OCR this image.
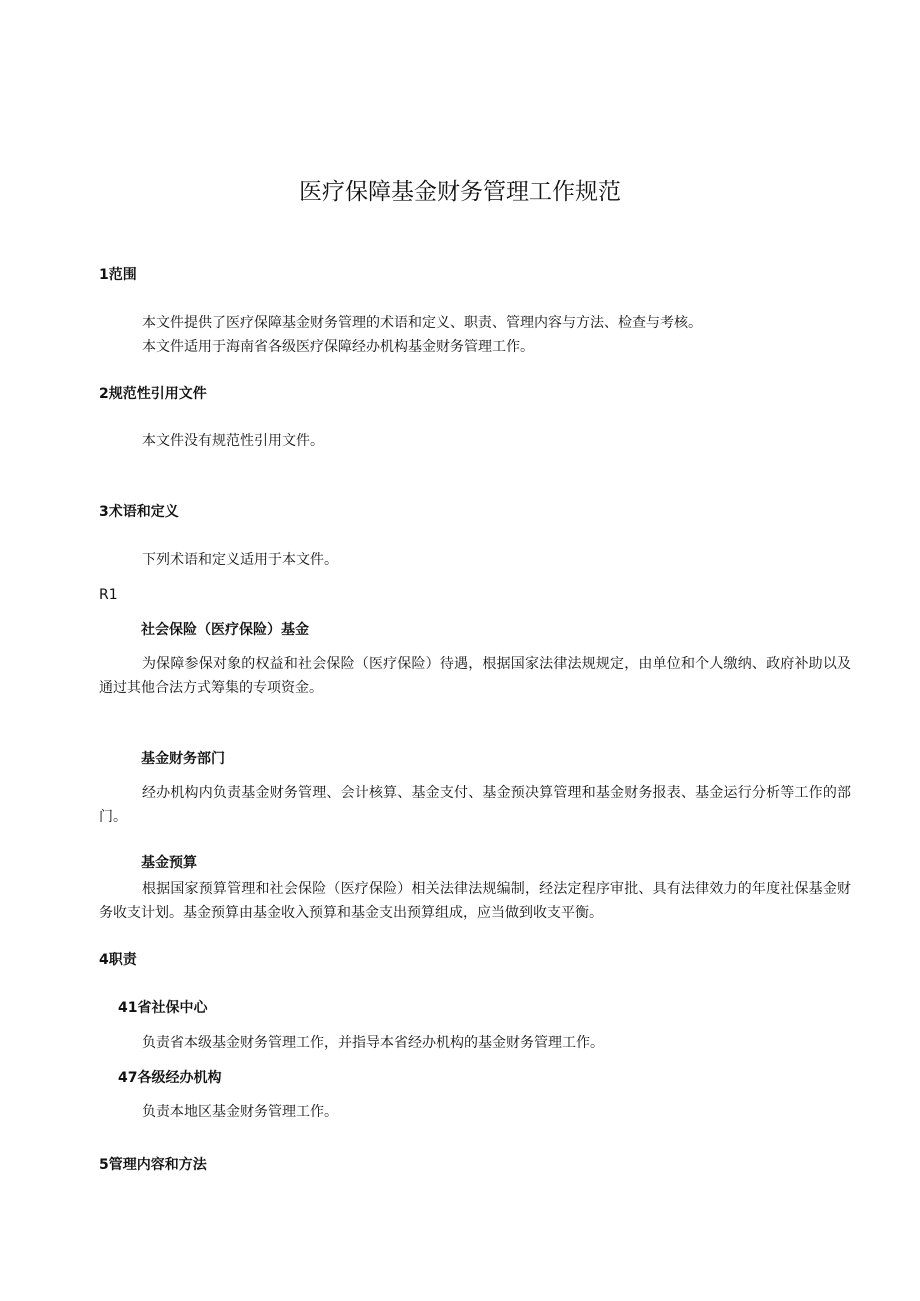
医疗保障基金财务管理工作规范
1范围
本文件提供了医疗保障基金财务管理的术语和定义、职责、管理内容与方法、检查与考核。
本文件适用于海南省各级医疗保障经办机构基金财务管理工作。
2规范性引用文件
本文件没有规范性引用文件。
3术语和定义
下列术语和定义适用于本文件。
R1
社会保险（医疗保险）基金
为保障参保对象的权益和社会保险（医疗保险）待遇，根据国家法律法规规定，由单位和个人缴纳、政府补助以及通过其他合法方式筹集的专项资金。
基金财务部门
经办机构内负责基金财务管理、会计核算、基金支付、基金预决算管理和基金财务报表、基金运行分析等工作的部门。
基金预算
根据国家预算管理和社会保险（医疗保险）相关法律法规编制，经法定程序审批、具有法律效力的年度社保基金财务收支计划。基金预算由基金收入预算和基金支出预算组成，应当做到收支平衡。
4职责
41省社保中心
负责省本级基金财务管理工作，并指导本省经办机构的基金财务管理工作。
47各级经办机构
负责本地区基金财务管理工作。
5管理内容和方法
